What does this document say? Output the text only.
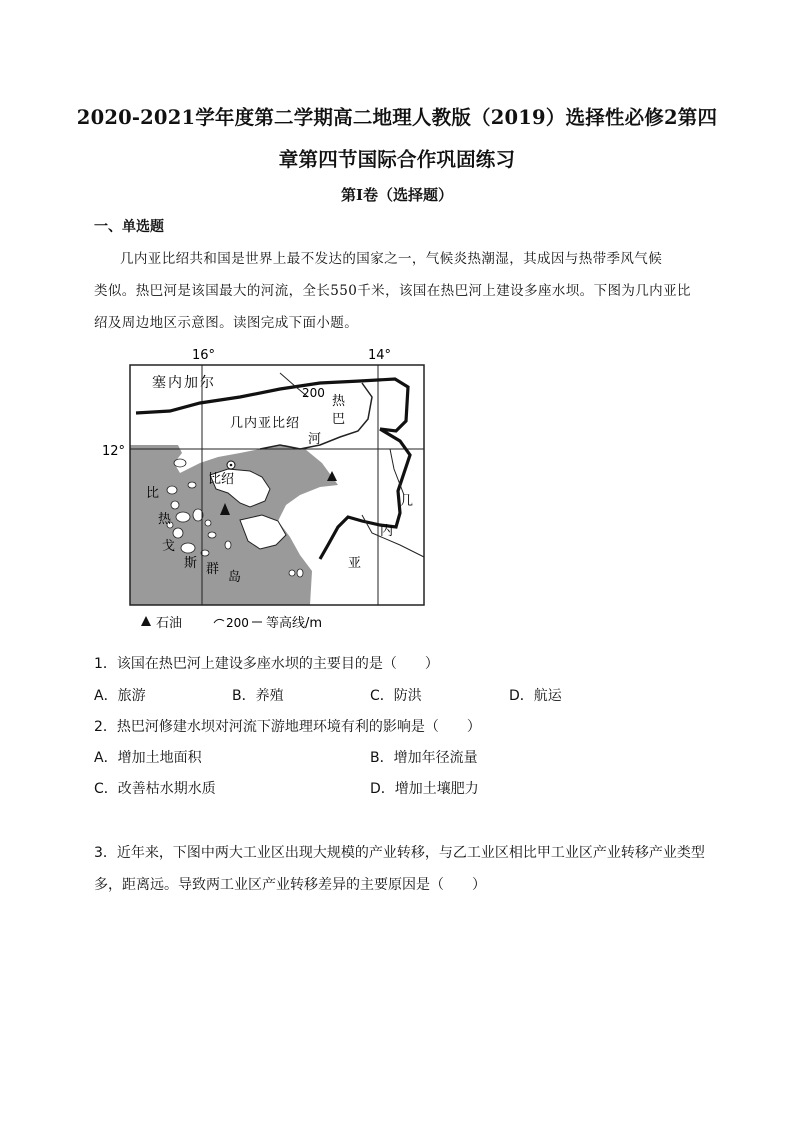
2020-2021学年度第二学期高二地理人教版（2019）选择性必修2第四
章第四节国际合作巩固练习
第I卷（选择题）
一、单选题
几内亚比绍共和国是世界上最不发达的国家之一，气候炎热潮湿，其成因与热带季风气候
类似。热巴河是该国最大的河流，全长550千米，该国在热巴河上建设多座水坝。下图为几内亚比
绍及周边地区示意图。读图完成下面小题。
16°	14°
12°
200
塞内加尔
几内亚比绍
热
巴
河
比绍
比
热
戈
斯 群
岛
几
内
亚
石油	200 等高线/m
1．该国在热巴河上建设多座水坝的主要目的是（　　）
A．旅游	B．养殖	C．防洪	D．航运
2．热巴河修建水坝对河流下游地理环境有利的影响是（　　）
A．增加土地面积	B．增加年径流量
C．改善枯水期水质	D．增加土壤肥力
3．近年来，下图中两大工业区出现大规模的产业转移，与乙工业区相比甲工业区产业转移产业类型
多，距离远。导致两工业区产业转移差异的主要原因是（　　）
